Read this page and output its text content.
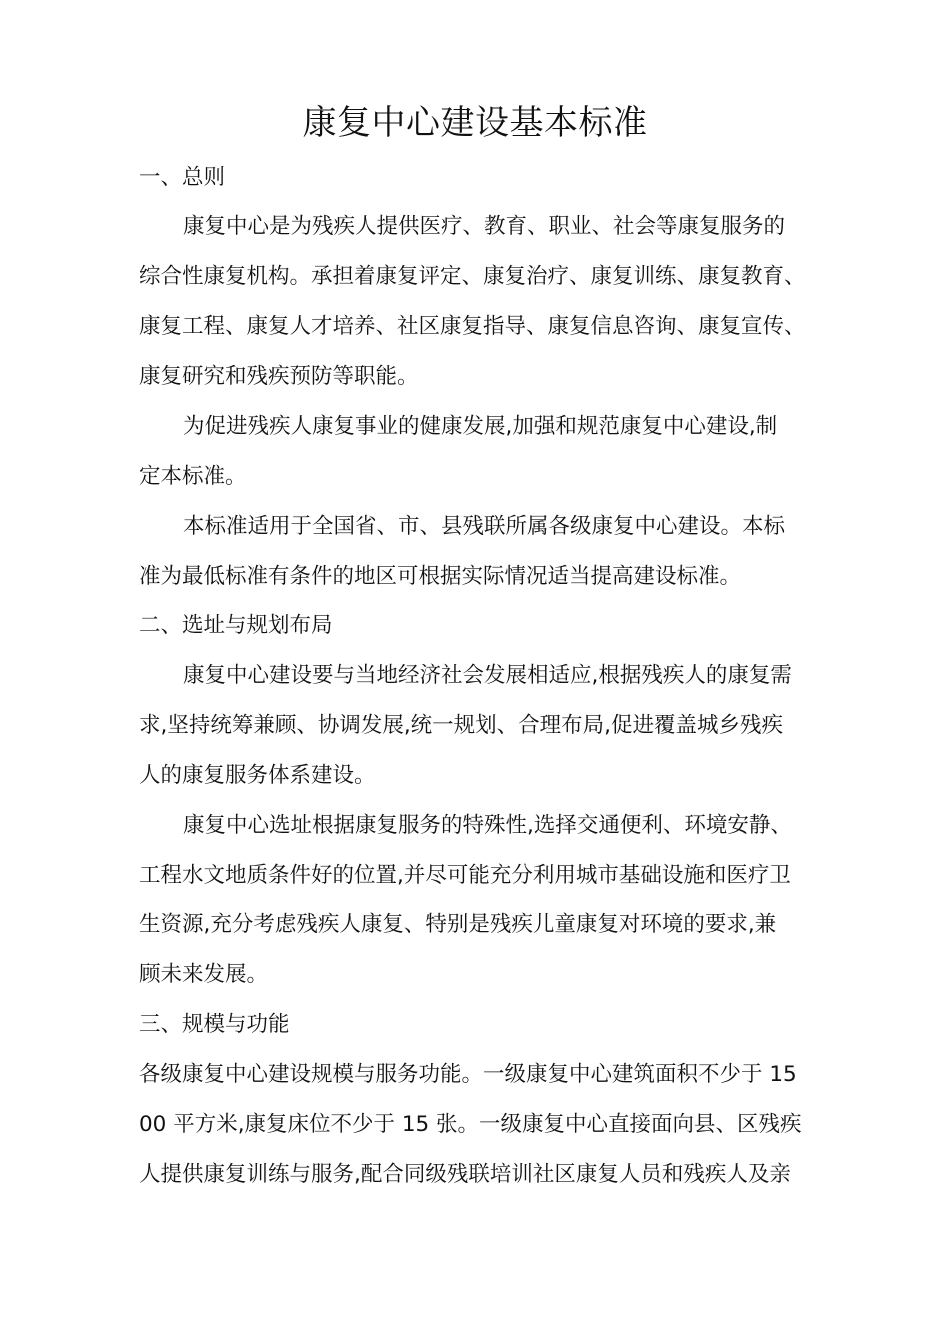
康复中心建设基本标准
一、总则
康复中心是为残疾人提供医疗、教育、职业、社会等康复服务的
综合性康复机构。承担着康复评定、康复治疗、康复训练、康复教育、
康复工程、康复人才培养、社区康复指导、康复信息咨询、康复宣传、
康复研究和残疾预防等职能。
为促进残疾人康复事业的健康发展,加强和规范康复中心建设,制
定本标准。
本标准适用于全国省、市、县残联所属各级康复中心建设。本标
准为最低标准有条件的地区可根据实际情况适当提高建设标准。
二、选址与规划布局
康复中心建设要与当地经济社会发展相适应,根据残疾人的康复需
求,坚持统筹兼顾、协调发展,统一规划、合理布局,促进覆盖城乡残疾
人的康复服务体系建设。
康复中心选址根据康复服务的特殊性,选择交通便利、环境安静、
工程水文地质条件好的位置,并尽可能充分利用城市基础设施和医疗卫
生资源,充分考虑残疾人康复、特别是残疾儿童康复对环境的要求,兼
顾未来发展。
三、规模与功能
各级康复中心建设规模与服务功能。一级康复中心建筑面积不少于 15
00 平方米,康复床位不少于 15 张。一级康复中心直接面向县、区残疾
人提供康复训练与服务,配合同级残联培训社区康复人员和残疾人及亲
